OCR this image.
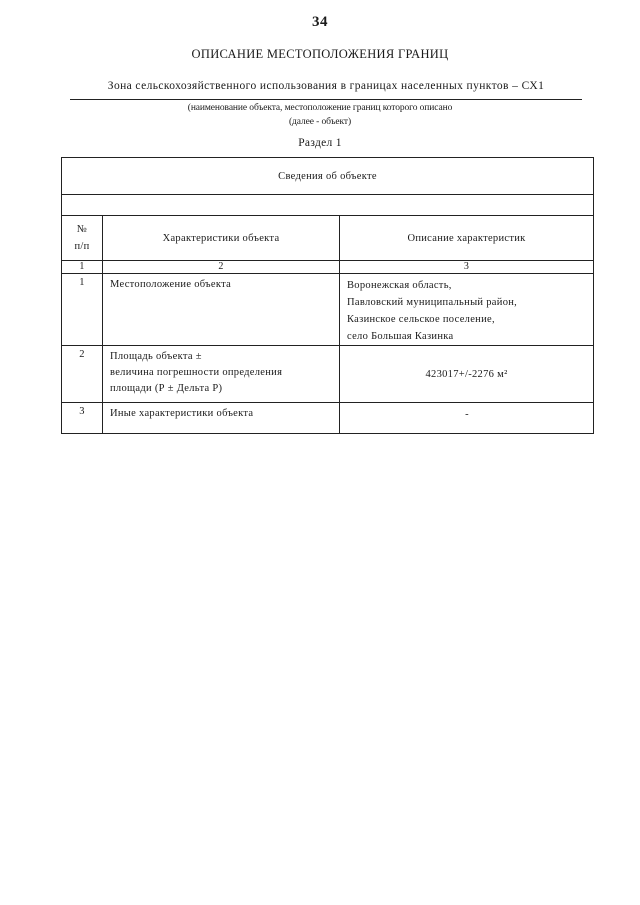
34
ОПИСАНИЕ МЕСТОПОЛОЖЕНИЯ ГРАНИЦ
Зона сельскохозяйственного использования в границах населенных пунктов – СХ1
(наименование объекта, местоположение границ которого описано
(далее - объект)
Раздел 1
Сведения об объекте		

№
п/п	Характеристики объекта	Описание характеристик
1	2	3
1	Местоположение объекта	Воронежская область,
Павловский муниципальный район,
Казинское сельское поселение,
село Большая Казинка

2	Площадь объекта ±
величина погрешности определения
площади (Р ± Дельта Р)	423017+/-2276 м²

3	Иные характеристики объекта	-
